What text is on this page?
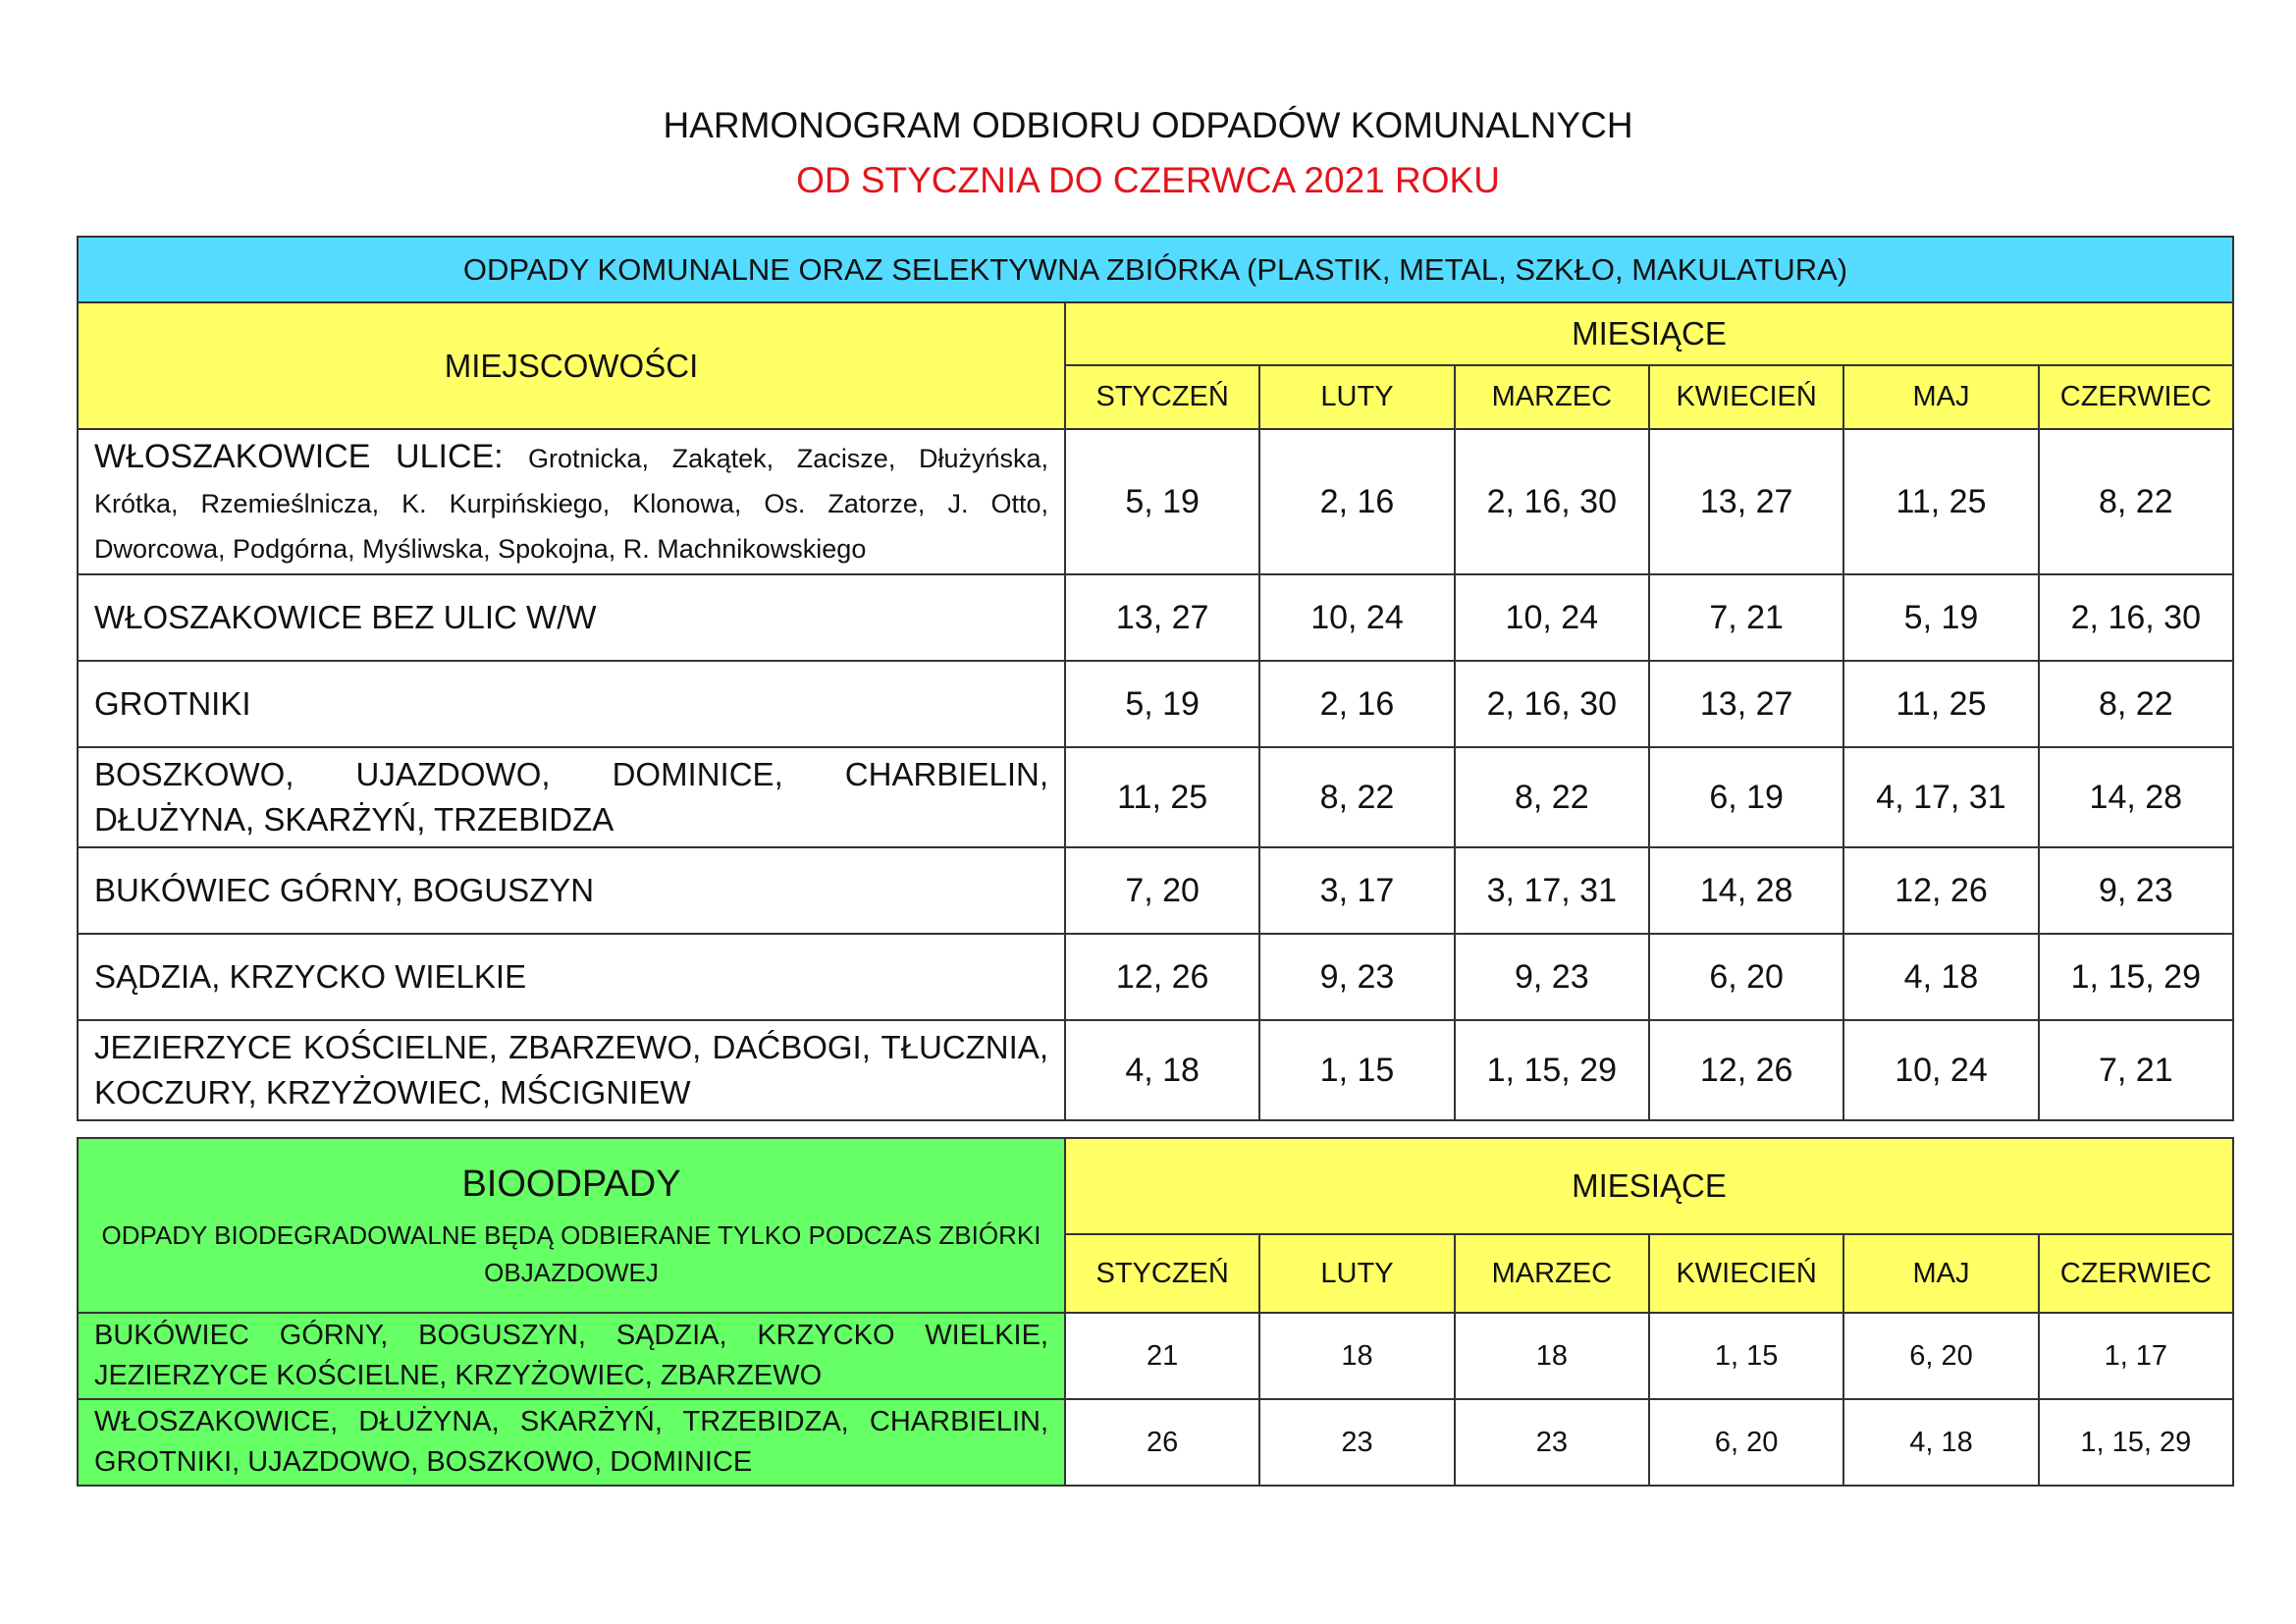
HARMONOGRAM ODBIORU ODPADÓW KOMUNALNYCH
OD STYCZNIA DO CZERWCA 2021 ROKU
ODPADY KOMUNALNE ORAZ SELEKTYWNA ZBIÓRKA (PLASTIK, METAL, SZKŁO, MAKULATURA)						
MIEJSCOWOŚCI	MIESIĄCE					
	STYCZEŃ	LUTY	MARZEC	KWIECIEŃ	MAJ	CZERWIEC
WŁOSZAKOWICE ULICE: Grotnicka, Zakątek, Zacisze, Dłużyńska, Krótka, Rzemieślnicza, K. Kurpińskiego, Klonowa, Os. Zatorze, J. Otto, Dworcowa, Podgórna, Myśliwska, Spokojna, R. Machnikowskiego	5, 19	2, 16	2, 16, 30	13, 27	11, 25	8, 22
WŁOSZAKOWICE BEZ ULIC W/W	13, 27	10, 24	10, 24	7, 21	5, 19	2, 16, 30
GROTNIKI	5, 19	2, 16	2, 16, 30	13, 27	11, 25	8, 22
BOSZKOWO, UJAZDOWO, DOMINICE, CHARBIELIN, DŁUŻYNA, SKARŻYŃ, TRZEBIDZA	11, 25	8, 22	8, 22	6, 19	4, 17, 31	14, 28
BUKÓWIEC GÓRNY, BOGUSZYN	7, 20	3, 17	3, 17, 31	14, 28	12, 26	9, 23
SĄDZIA, KRZYCKO WIELKIE	12, 26	9, 23	9, 23	6, 20	4, 18	1, 15, 29
JEZIERZYCE KOŚCIELNE, ZBARZEWO, DAĆBOGI, TŁUCZNIA, KOCZURY, KRZYŻOWIEC, MŚCIGNIEW	4, 18	1, 15	1, 15, 29	12, 26	10, 24	7, 21
BIOODPADY
ODPADY BIODEGRADOWALNE BĘDĄ ODBIERANE TYLKO PODCZAS ZBIÓRKI OBJAZDOWEJ	MIESIĄCE					
	STYCZEŃ	LUTY	MARZEC	KWIECIEŃ	MAJ	CZERWIEC
BUKÓWIEC GÓRNY, BOGUSZYN, SĄDZIA, KRZYCKO WIELKIE, JEZIERZYCE KOŚCIELNE, KRZYŻOWIEC, ZBARZEWO	21	18	18	1, 15	6, 20	1, 17
WŁOSZAKOWICE, DŁUŻYNA, SKARŻYŃ, TRZEBIDZA, CHARBIELIN, GROTNIKI, UJAZDOWO, BOSZKOWO, DOMINICE	26	23	23	6, 20	4, 18	1, 15, 29
